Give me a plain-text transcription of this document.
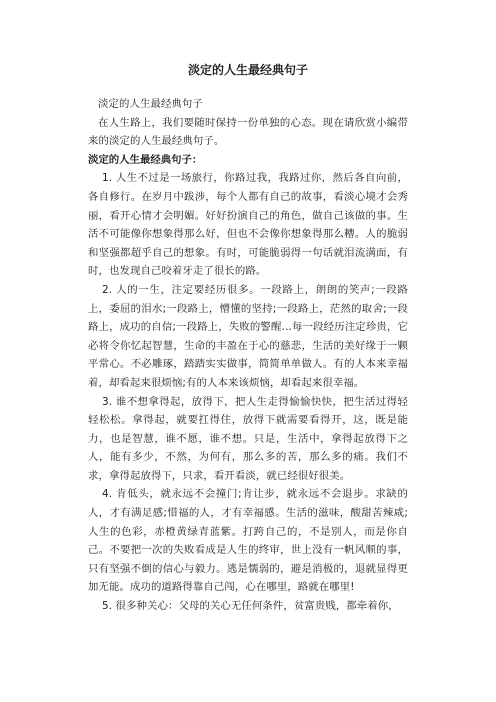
淡定的人生最经典句子

淡定的人生最经典句子

在人生路上，我们要随时保持一份单独的心态。现在请欣赏小编带来的淡定的人生最经典句子。

淡定的人生最经典句子：

1. 人生不过是一场旅行，你路过我，我路过你，然后各自向前，各自修行。在岁月中跋涉，每个人都有自己的故事，看淡心境才会秀丽，看开心情才会明媚。好好扮演自己的角色，做自己该做的事。生活不可能像你想象得那么好，但也不会像你想象得那么糟。人的脆弱和坚强都超乎自己的想象。有时，可能脆弱得一句话就泪流满面，有时，也发现自己咬着牙走了很长的路。

2. 人的一生，注定要经历很多。一段路上，朗朗的笑声;一段路上，委屈的泪水;一段路上，懵懂的坚持;一段路上，茫然的取舍;一段路上，成功的自信;一段路上，失败的警醒…每一段经历注定珍贵，它必将令你忆起智慧，生命的丰盈在于心的慈悲，生活的美好缘于一颗平常心。不必雕琢，踏踏实实做事，简简单单做人。有的人本来幸福着，却看起来很烦恼;有的人本来该烦恼，却看起来很幸福。

3. 谁不想拿得起，放得下，把人生走得愉愉快快，把生活过得轻轻松松。拿得起，就要扛得住，放得下就需要看得开，这，既是能力，也是智慧，谁不愿，谁不想。只是，生活中，拿得起放得下之人，能有多少，不然，为何有，那么多的苦，那么多的痛。我们不求，拿得起放得下，只求，看开看淡，就已经很好很美。

4. 肯低头，就永远不会撞门;肯让步，就永远不会退步。求缺的人，才有满足感;惜福的人，才有幸福感。生活的滋味，酸甜苦辣咸;人生的色彩，赤橙黄绿青蓝紫。打跨自己的，不是别人，而是你自己。不要把一次的失败看成是人生的终审，世上没有一帆风顺的事，只有坚强不倒的信心与毅力。逃是懦弱的，避是消极的，退就显得更加无能。成功的道路得靠自己闯，心在哪里，路就在哪里!

5. 很多种关心：父母的关心无任何条件，贫富贵贱，都牵着你，
